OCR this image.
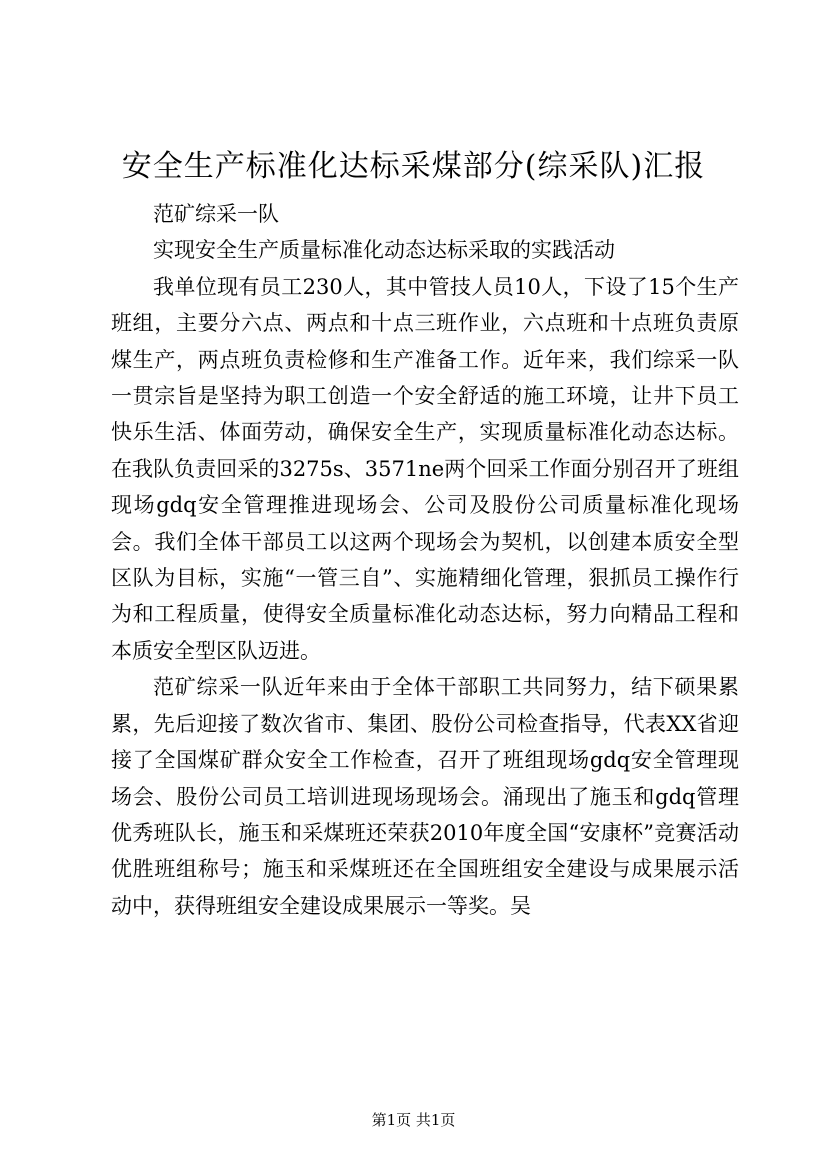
安全生产标准化达标采煤部分(综采队)汇报

范矿综采一队

实现安全生产质量标准化动态达标采取的实践活动

我单位现有员工230人，其中管技人员10人，下设了15个生产班组，主要分六点、两点和十点三班作业，六点班和十点班负责原煤生产，两点班负责检修和生产准备工作。近年来，我们综采一队一贯宗旨是坚持为职工创造一个安全舒适的施工环境，让井下员工快乐生活、体面劳动，确保安全生产，实现质量标准化动态达标。在我队负责回采的3275s、3571ne两个回采工作面分别召开了班组现场gdq安全管理推进现场会、公司及股份公司质量标准化现场会。我们全体干部员工以这两个现场会为契机，以创建本质安全型区队为目标，实施“一管三自”、实施精细化管理，狠抓员工操作行为和工程质量，使得安全质量标准化动态达标，努力向精品工程和本质安全型区队迈进。

范矿综采一队近年来由于全体干部职工共同努力，结下硕果累累，先后迎接了数次省市、集团、股份公司检查指导，代表XX省迎接了全国煤矿群众安全工作检查，召开了班组现场gdq安全管理现场会、股份公司员工培训进现场现场会。涌现出了施玉和gdq管理优秀班队长，施玉和采煤班还荣获2010年度全国“安康杯”竞赛活动优胜班组称号；施玉和采煤班还在全国班组安全建设与成果展示活动中，获得班组安全建设成果展示一等奖。吴

第1页 共1页
